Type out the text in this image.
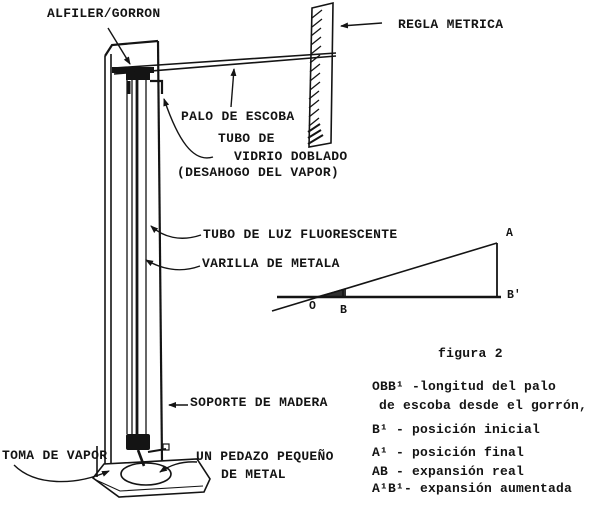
ALFILER/GORRON
REGLA METRICA
PALO DE ESCOBA
TUBO DE
VIDRIO DOBLADO
(DESAHOGO DEL VAPOR)
TUBO DE LUZ FLUORESCENTE
VARILLA DE METALA
SOPORTE DE MADERA
TOMA DE VAPOR	UN PEDAZO PEQUEÑO
DE METAL
A
B'
O B
figura 2
OBB¹ -longitud del palo
de escoba desde el gorrón,
B¹ - posición inicial
A¹ - posición final
AB - expansión real
A¹B¹- expansión aumentada
